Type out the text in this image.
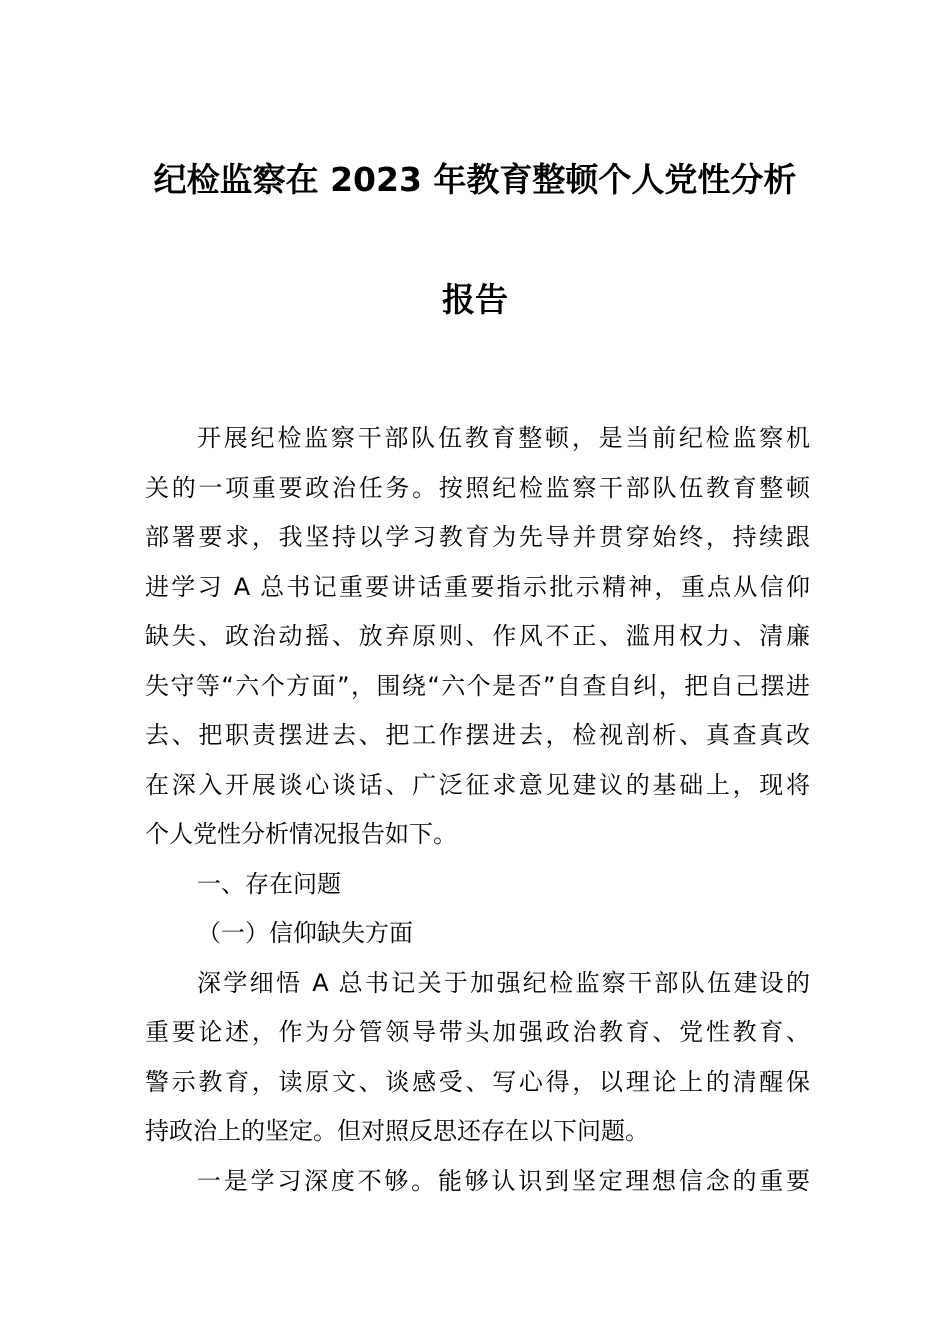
纪检监察在 2023 年教育整顿个人党性分析
报告
开展纪检监察干部队伍教育整顿，是当前纪检监察机
关的一项重要政治任务。按照纪检监察干部队伍教育整顿
部署要求，我坚持以学习教育为先导并贯穿始终，持续跟
进学习 A 总书记重要讲话重要指示批示精神，重点从信仰
缺失、政治动摇、放弃原则、作风不正、滥用权力、清廉
失守等“六个方面”，围绕“六个是否”自查自纠，把自己摆进
去、把职责摆进去、把工作摆进去，检视剖析、真查真改
在深入开展谈心谈话、广泛征求意见建议的基础上，现将
个人党性分析情况报告如下。
一、存在问题
（一）信仰缺失方面
深学细悟 A 总书记关于加强纪检监察干部队伍建设的
重要论述，作为分管领导带头加强政治教育、党性教育、
警示教育，读原文、谈感受、写心得，以理论上的清醒保
持政治上的坚定。但对照反思还存在以下问题。
一是学习深度不够。能够认识到坚定理想信念的重要
